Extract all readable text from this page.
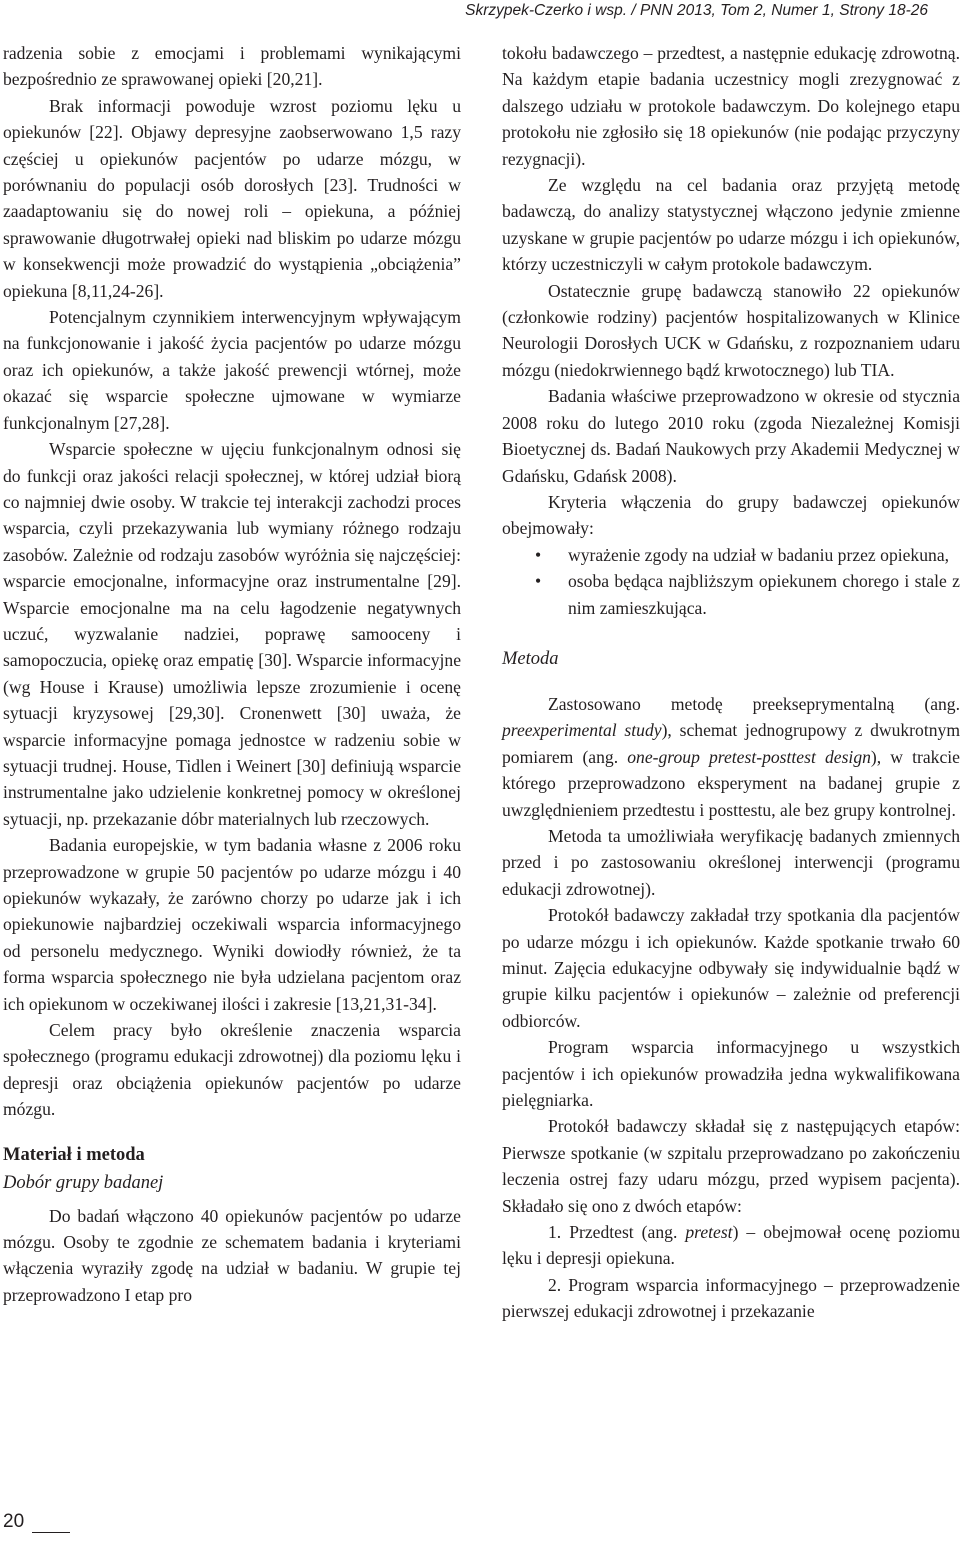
Skrzypek-Czerko i wsp. / PNN 2013, Tom 2, Numer 1, Strony 18-26

radzenia sobie z emocjami i problemami wynikającymi bezpośrednio ze sprawowanej opieki [20,21].

Brak informacji powoduje wzrost poziomu lęku u opiekunów [22]. Objawy depresyjne zaobserwowano 1,5 razy częściej u opiekunów pacjentów po udarze mózgu, w porównaniu do populacji osób dorosłych [23]. Trudności w zaadaptowaniu się do nowej roli – opiekuna, a później sprawowanie długotrwałej opieki nad bliskim po udarze mózgu w konsekwencji może prowadzić do wystąpienia „obciążenia” opiekuna [8,11,24-26].

Potencjalnym czynnikiem interwencyjnym wpływającym na funkcjonowanie i jakość życia pacjentów po udarze mózgu oraz ich opiekunów, a także jakość prewencji wtórnej, może okazać się wsparcie społeczne ujmowane w wymiarze funkcjonalnym [27,28].

Wsparcie społeczne w ujęciu funkcjonalnym odnosi się do funkcji oraz jakości relacji społecznej, w której udział biorą co najmniej dwie osoby. W trakcie tej interakcji zachodzi proces wsparcia, czyli przekazywania lub wymiany różnego rodzaju zasobów. Zależnie od rodzaju zasobów wyróżnia się najczęściej: wsparcie emocjonalne, informacyjne oraz instrumentalne [29]. Wsparcie emocjonalne ma na celu łagodzenie negatywnych uczuć, wyzwalanie nadziei, poprawę samooceny i samopoczucia, opiekę oraz empatię [30]. Wsparcie informacyjne (wg House i Krause) umożliwia lepsze zrozumienie i ocenę sytuacji kryzysowej [29,30]. Cronenwett [30] uważa, że wsparcie informacyjne pomaga jednostce w radzeniu sobie w sytuacji trudnej. House, Tidlen i Weinert [30] definiują wsparcie instrumentalne jako udzielenie konkretnej pomocy w określonej sytuacji, np. przekazanie dóbr materialnych lub rzeczowych.

Badania europejskie, w tym badania własne z 2006 roku przeprowadzone w grupie 50 pacjentów po udarze mózgu i 40 opiekunów wykazały, że zarówno chorzy po udarze jak i ich opiekunowie najbardziej oczekiwali wsparcia informacyjnego od personelu medycznego. Wyniki dowiodły również, że ta forma wsparcia społecznego nie była udzielana pacjentom oraz ich opiekunom w oczekiwanej ilości i zakresie [13,21,31-34].

Celem pracy było określenie znaczenia wsparcia społecznego (programu edukacji zdrowotnej) dla poziomu lęku i depresji oraz obciążenia opiekunów pacjentów po udarze mózgu.

Materiał i metoda
Dobór grupy badanej

Do badań włączono 40 opiekunów pacjentów po udarze mózgu. Osoby te zgodnie ze schematem badania i kryteriami włączenia wyraziły zgodę na udział w badaniu. W grupie tej przeprowadzono I etap pro

tokołu badawczego – przedtest, a następnie edukację zdrowotną. Na każdym etapie badania uczestnicy mogli zrezygnować z dalszego udziału w protokole badawczym. Do kolejnego etapu protokołu nie zgłosiło się 18 opiekunów (nie podając przyczyny rezygnacji).

Ze względu na cel badania oraz przyjętą metodę badawczą, do analizy statystycznej włączono jedynie zmienne uzyskane w grupie pacjentów po udarze mózgu i ich opiekunów, którzy uczestniczyli w całym protokole badawczym.

Ostatecznie grupę badawczą stanowiło 22 opiekunów (członkowie rodziny) pacjentów hospitalizowanych w Klinice Neurologii Dorosłych UCK w Gdańsku, z rozpoznaniem udaru mózgu (niedokrwiennego bądź krwotocznego) lub TIA.

Badania właściwe przeprowadzono w okresie od stycznia 2008 roku do lutego 2010 roku (zgoda Niezależnej Komisji Bioetycznej ds. Badań Naukowych przy Akademii Medycznej w Gdańsku, Gdańsk 2008).

Kryteria włączenia do grupy badawczej opiekunów obejmowały:

• wyrażenie zgody na udział w badaniu przez opiekuna,
• osoba będąca najbliższym opiekunem chorego i stale z nim zamieszkująca.
Metoda

Zastosowano metodę preekseprymentalną (ang. preexperimental study), schemat jednogrupowy z dwukrotnym pomiarem (ang. one-group pretest-posttest design), w trakcie którego przeprowadzono eksperyment na badanej grupie z uwzględnieniem przedtestu i posttestu, ale bez grupy kontrolnej.

Metoda ta umożliwiała weryfikację badanych zmiennych przed i po zastosowaniu określonej interwencji (programu edukacji zdrowotnej).

Protokół badawczy zakładał trzy spotkania dla pacjentów po udarze mózgu i ich opiekunów. Każde spotkanie trwało 60 minut. Zajęcia edukacyjne odbywały się indywidualnie bądź w grupie kilku pacjentów i opiekunów – zależnie od preferencji odbiorców.

Program wsparcia informacyjnego u wszystkich pacjentów i ich opiekunów prowadziła jedna wykwalifikowana pielęgniarka.

Protokół badawczy składał się z następujących etapów: Pierwsze spotkanie (w szpitalu przeprowadzano po zakończeniu leczenia ostrej fazy udaru mózgu, przed wypisem pacjenta). Składało się ono z dwóch etapów:

1. Przedtest (ang. pretest) – obejmował ocenę poziomu lęku i depresji opiekuna.
2. Program wsparcia informacyjnego – przeprowadzenie pierwszej edukacji zdrowotnej i przekazanie
20
